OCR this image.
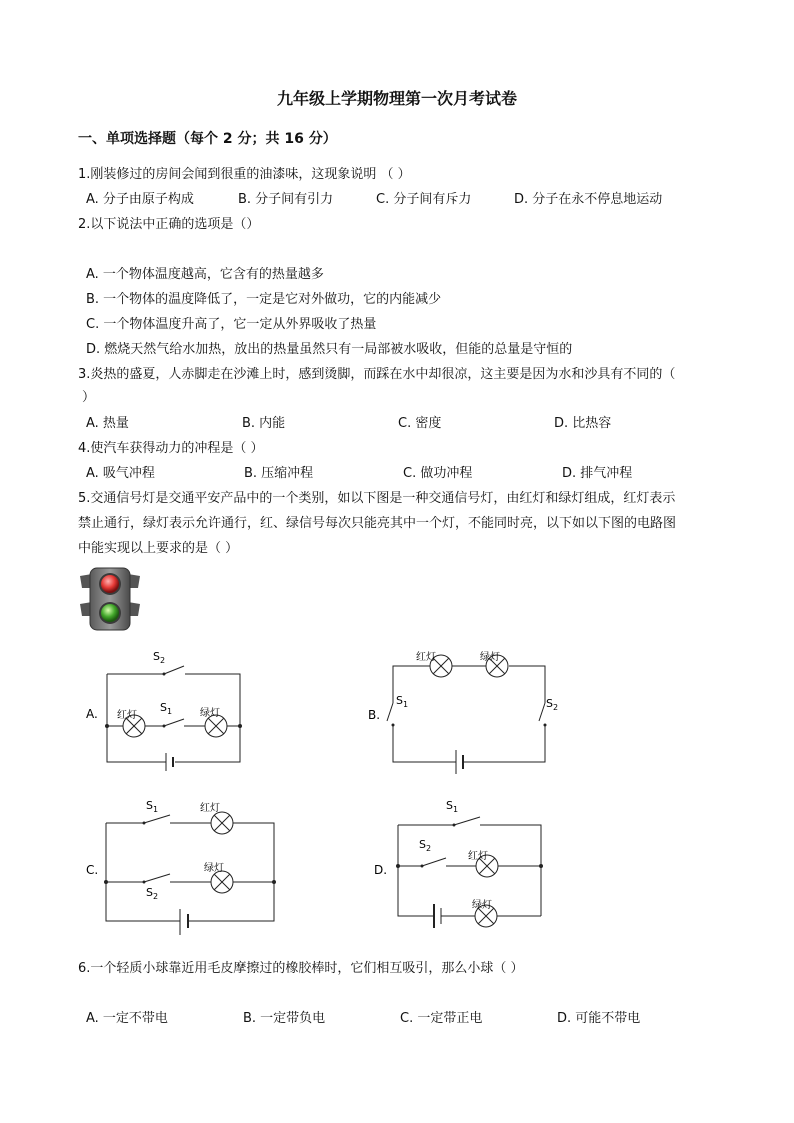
九年级上学期物理第一次月考试卷
一、单项选择题（每个 2 分；共 16 分）
1.刚装修过的房间会闻到很重的油漆味，这现象说明 （ ）
A. 分子由原子构成	B. 分子间有引力	C. 分子间有斥力	D. 分子在永不停息地运动
2.以下说法中正确的选项是（）
A. 一个物体温度越高，它含有的热量越多
B. 一个物体的温度降低了，一定是它对外做功，它的内能减少
C. 一个物体温度升高了，它一定从外界吸收了热量
D. 燃烧天然气给水加热，放出的热量虽然只有一局部被水吸收，但能的总量是守恒的
3.炎热的盛夏，人赤脚走在沙滩上时，感到烫脚，而踩在水中却很凉，这主要是因为水和沙具有不同的（
）
A. 热量	B. 内能	C. 密度	D. 比热容
4.使汽车获得动力的冲程是（ ）
A. 吸气冲程	B. 压缩冲程	C. 做功冲程	D. 排气冲程
5.交通信号灯是交通平安产品中的一个类别，如以下图是一种交通信号灯，由红灯和绿灯组成，红灯表示
禁止通行，绿灯表示允许通行，红、绿信号每次只能亮其中一个灯，不能同时亮，以下如以下图的电路图
中能实现以上要求的是（ ）
S 2
S 1
红灯	绿灯
A.
红灯	绿灯
S 1	S 2
B.
S 1	红灯
绿灯
S 2
C.
S 1
S 2
红灯
绿灯
D.
6.一个轻质小球靠近用毛皮摩擦过的橡胶棒时，它们相互吸引，那么小球（ ）
A. 一定不带电	B. 一定带负电	C. 一定带正电	D. 可能不带电
